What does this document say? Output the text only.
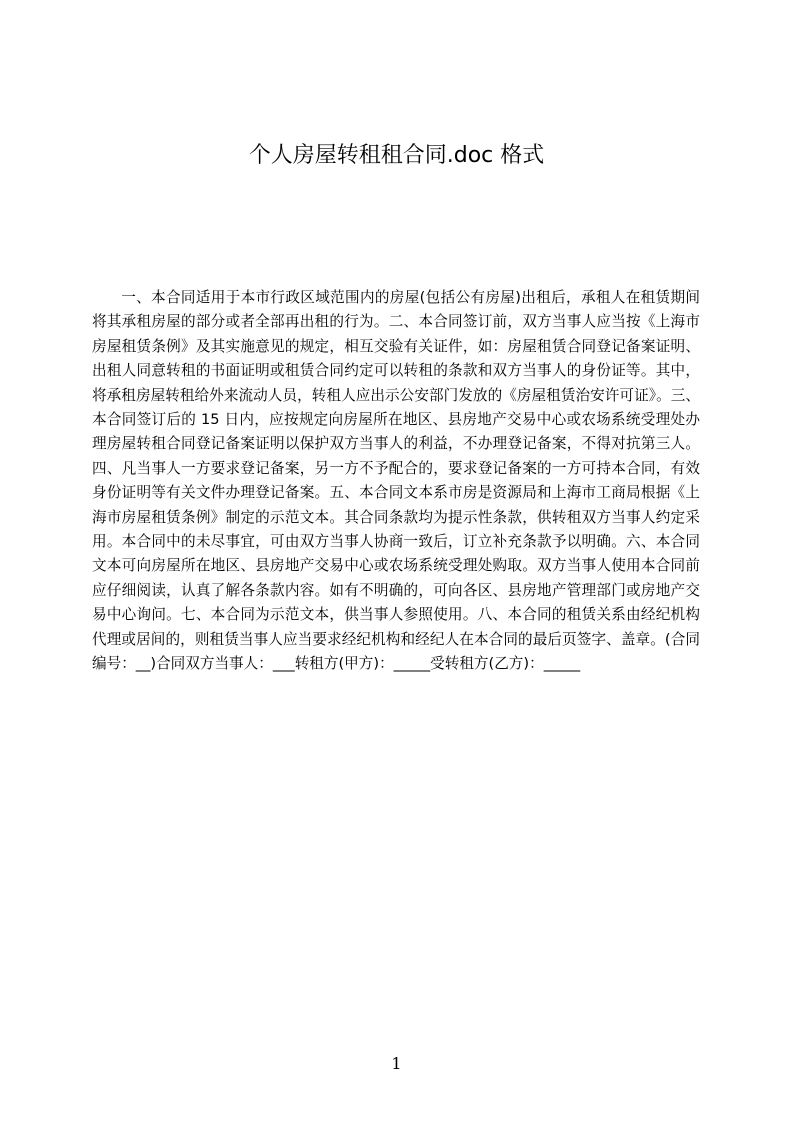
个人房屋转租租合同.doc 格式

一、本合同适用于本市行政区域范围内的房屋(包括公有房屋)出租后，承租人在租赁期间将其承租房屋的部分或者全部再出租的行为。二、本合同签订前，双方当事人应当按《上海市房屋租赁条例》及其实施意见的规定，相互交验有关证件，如：房屋租赁合同登记备案证明、出租人同意转租的书面证明或租赁合同约定可以转租的条款和双方当事人的身份证等。其中，将承租房屋转租给外来流动人员，转租人应出示公安部门发放的《房屋租赁治安许可证》。三、本合同签订后的 15 日内，应按规定向房屋所在地区、县房地产交易中心或农场系统受理处办理房屋转租合同登记备案证明以保护双方当事人的利益，不办理登记备案，不得对抗第三人。四、凡当事人一方要求登记备案，另一方不予配合的，要求登记备案的一方可持本合同，有效身份证明等有关文件办理登记备案。五、本合同文本系市房是资源局和上海市工商局根据《上海市房屋租赁条例》制定的示范文本。其合同条款均为提示性条款，供转租双方当事人约定采用。本合同中的未尽事宜，可由双方当事人协商一致后，订立补充条款予以明确。六、本合同文本可向房屋所在地区、县房地产交易中心或农场系统受理处购取。双方当事人使用本合同前应仔细阅读，认真了解各条款内容。如有不明确的，可向各区、县房地产管理部门或房地产交易中心询问。七、本合同为示范文本，供当事人参照使用。八、本合同的租赁关系由经纪机构代理或居间的，则租赁当事人应当要求经纪机构和经纪人在本合同的最后页签字、盖章。(合同编号：__)合同双方当事人：___转租方(甲方)：_____受转租方(乙方)：_____

1
